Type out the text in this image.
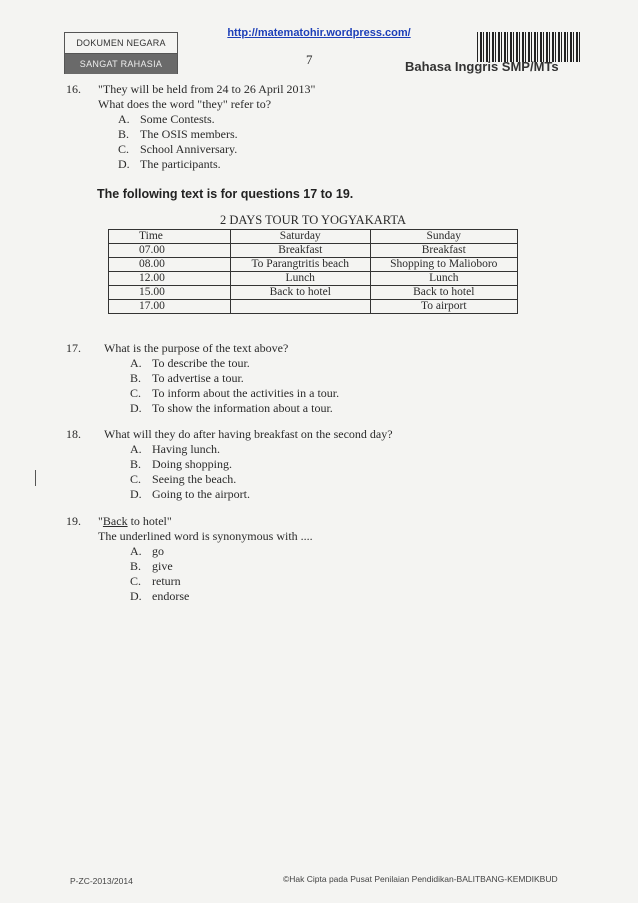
http://matematohir.wordpress.com/
DOKUMEN NEGARA
SANGAT RAHASIA	7	Bahasa Inggris SMP/MTs
16. "They will be held from 24 to 26 April 2013"
What does the word "they" refer to?
A. Some Contests.
B. The OSIS members.
C. School Anniversary.
D. The participants.
The following text is for questions 17 to 19.
2 DAYS TOUR TO YOGYAKARTA
Time	Saturday	Sunday
07.00	Breakfast	Breakfast
08.00	To Parangtritis beach	Shopping to Malioboro
12.00	Lunch	Lunch
15.00	Back to hotel	Back to hotel
17.00		To airport
17. What is the purpose of the text above?
A. To describe the tour.
B. To advertise a tour.
C. To inform about the activities in a tour.
D. To show the information about a tour.
18. What will they do after having breakfast on the second day?
A. Having lunch.
B. Doing shopping.
C. Seeing the beach.
D. Going to the airport.
19. "Back to hotel"
The underlined word is synonymous with ....
A. go
B. give
C. return
D. endorse
P-ZC-2013/2014	©Hak Cipta pada Pusat Penilaian Pendidikan-BALITBANG-KEMDIKBUD
